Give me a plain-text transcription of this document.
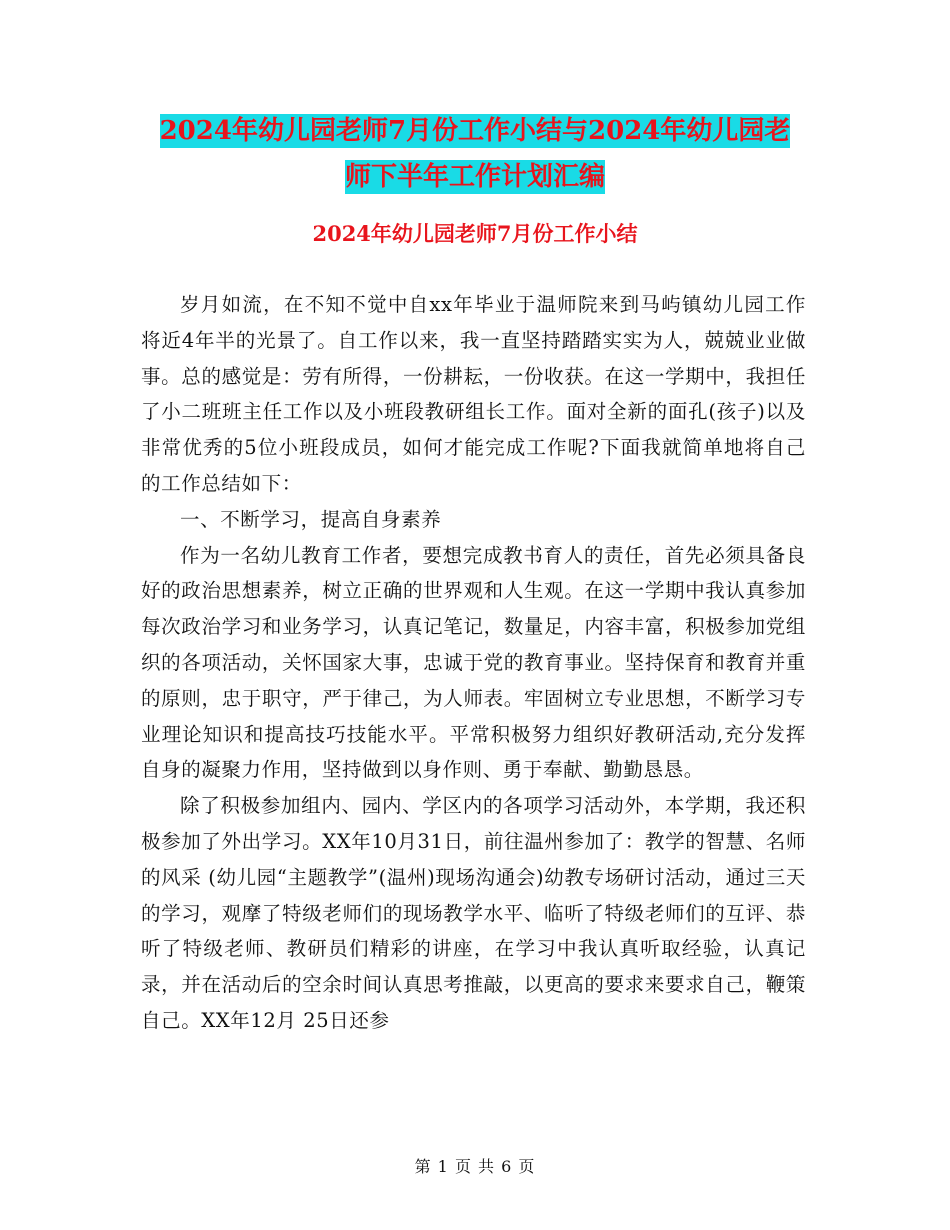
2024年幼儿园老师7月份工作小结与2024年幼儿园老
师下半年工作计划汇编
2024年幼儿园老师7月份工作小结

岁月如流，在不知不觉中自xx年毕业于温师院来到马屿镇幼儿园工作将近4年半的光景了。自工作以来，我一直坚持踏踏实实为人，兢兢业业做事。总的感觉是：劳有所得，一份耕耘，一份收获。在这一学期中，我担任了小二班班主任工作以及小班段教研组长工作。面对全新的面孔(孩子)以及非常优秀的5位小班段成员，如何才能完成工作呢?下面我就简单地将自己的工作总结如下：

一、不断学习，提高自身素养

作为一名幼儿教育工作者，要想完成教书育人的责任，首先必须具备良好的政治思想素养，树立正确的世界观和人生观。在这一学期中我认真参加每次政治学习和业务学习，认真记笔记，数量足，内容丰富，积极参加党组织的各项活动，关怀国家大事，忠诚于党的教育事业。坚持保育和教育并重的原则，忠于职守，严于律己，为人师表。牢固树立专业思想，不断学习专业理论知识和提高技巧技能水平。平常积极努力组织好教研活动,充分发挥自身的凝聚力作用，坚持做到以身作则、勇于奉献、勤勤恳恳。

除了积极参加组内、园内、学区内的各项学习活动外，本学期，我还积极参加了外出学习。XX年10月31日，前往温州参加了：教学的智慧、名师的风采 (幼儿园“主题教学”(温州)现场沟通会)幼教专场研讨活动，通过三天的学习，观摩了特级老师们的现场教学水平、临听了特级老师们的互评、恭听了特级老师、教研员们精彩的讲座，在学习中我认真听取经验，认真记录，并在活动后的空余时间认真思考推敲，以更高的要求来要求自己，鞭策自己。XX年12月 25日还参

第 1 页 共 6 页
